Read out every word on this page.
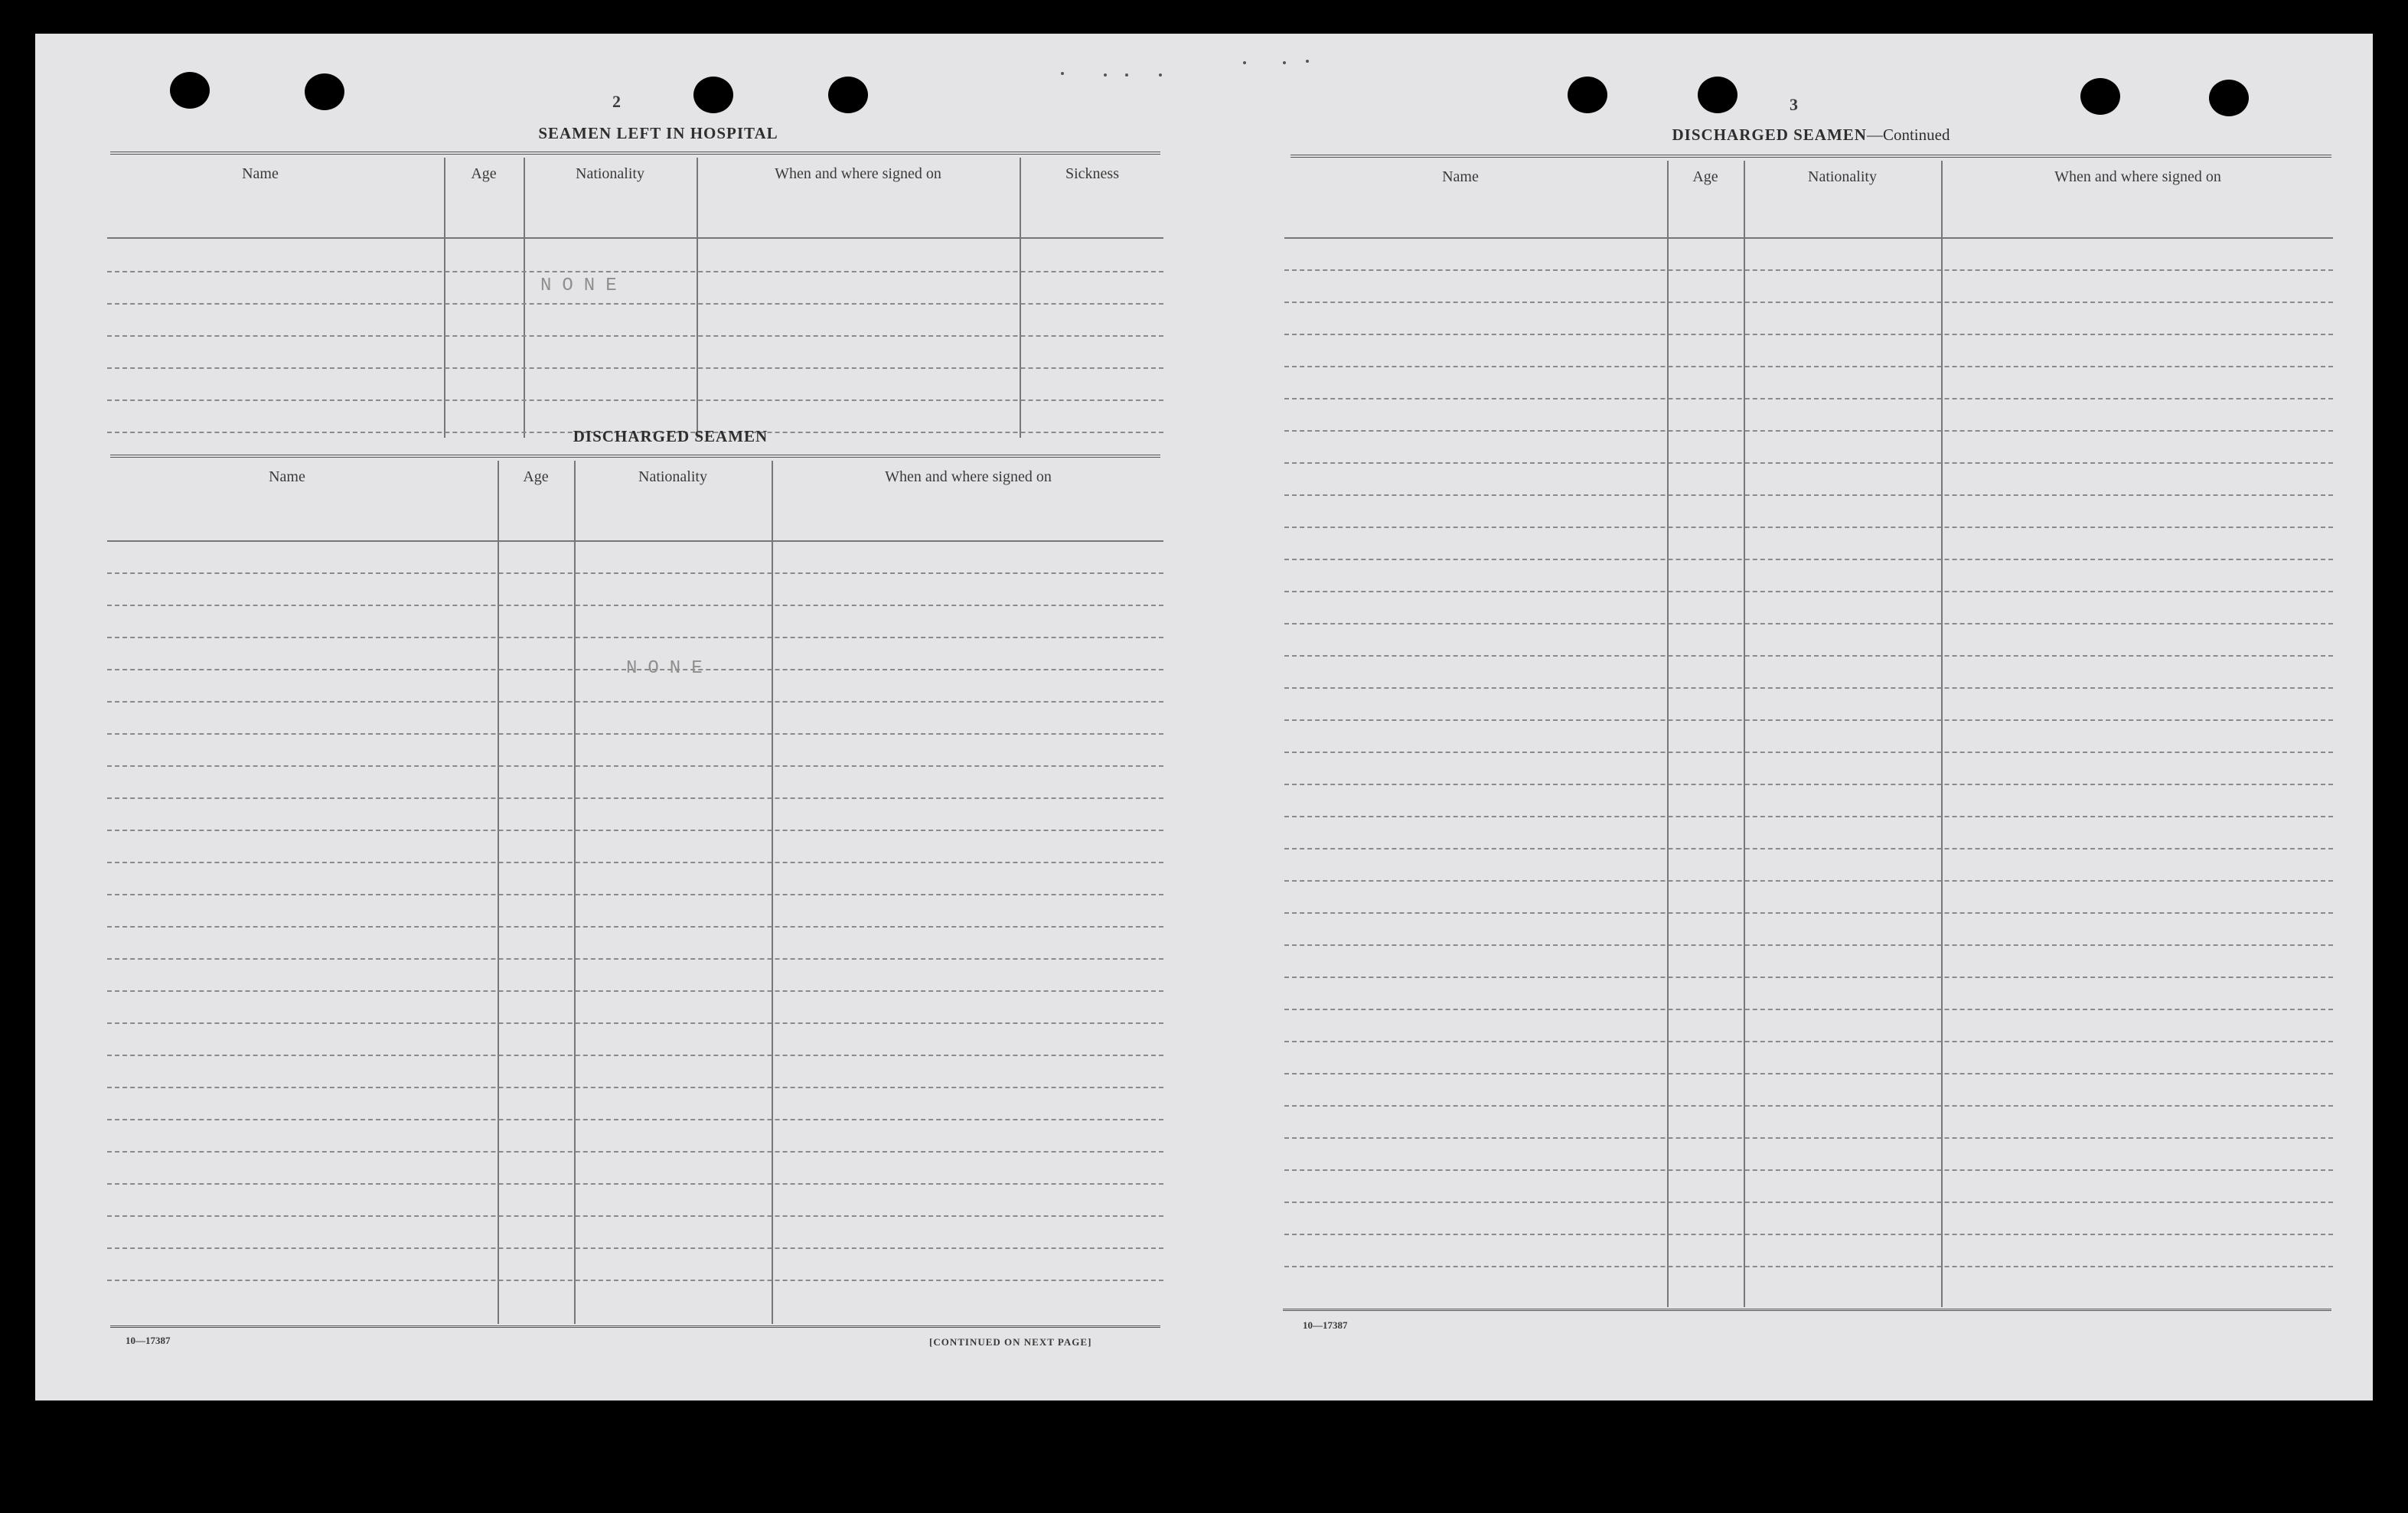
2
SEAMEN LEFT IN HOSPITAL
Name	Age	Nationality	When and where signed on	Sickness
NONE
DISCHARGED SEAMEN
Name	Age	Nationality	When and where signed on
NONE
10—17387	[CONTINUED ON NEXT PAGE]
3
DISCHARGED SEAMEN—Continued
Name	Age	Nationality	When and where signed on
10—17387
